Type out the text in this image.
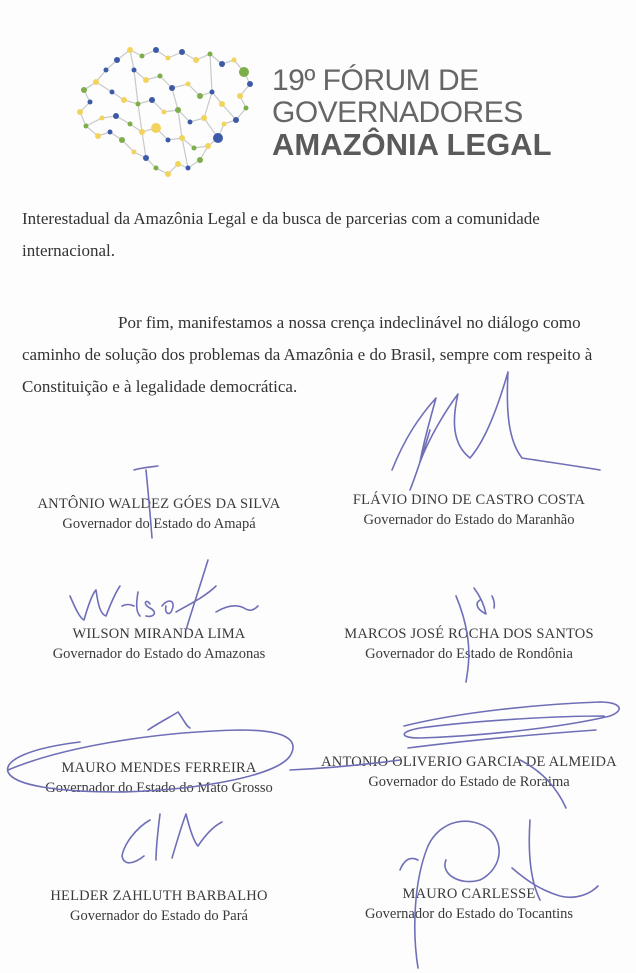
19º FÓRUM DE
GOVERNADORES
AMAZÔNIA LEGAL

Interestadual da Amazônia Legal e da busca de parcerias com a comunidade internacional.

Por fim, manifestamos a nossa crença indeclinável no diálogo como caminho de solução dos problemas da Amazônia e do Brasil, sempre com respeito à Constituição e à legalidade democrática.

ANTÔNIO WALDEZ GÓES DA SILVA
Governador do Estado do Amapá
FLÁVIO DINO DE CASTRO COSTA
Governador do Estado do Maranhão
WILSON MIRANDA LIMA
Governador do Estado do Amazonas
MARCOS JOSÉ ROCHA DOS SANTOS
Governador do Estado de Rondônia
MAURO MENDES FERREIRA
Governador do Estado do Mato Grosso
ANTONIO OLIVERIO GARCIA DE ALMEIDA
Governador do Estado de Roraima
HELDER ZAHLUTH BARBALHO
Governador do Estado do Pará
MAURO CARLESSE
Governador do Estado do Tocantins
